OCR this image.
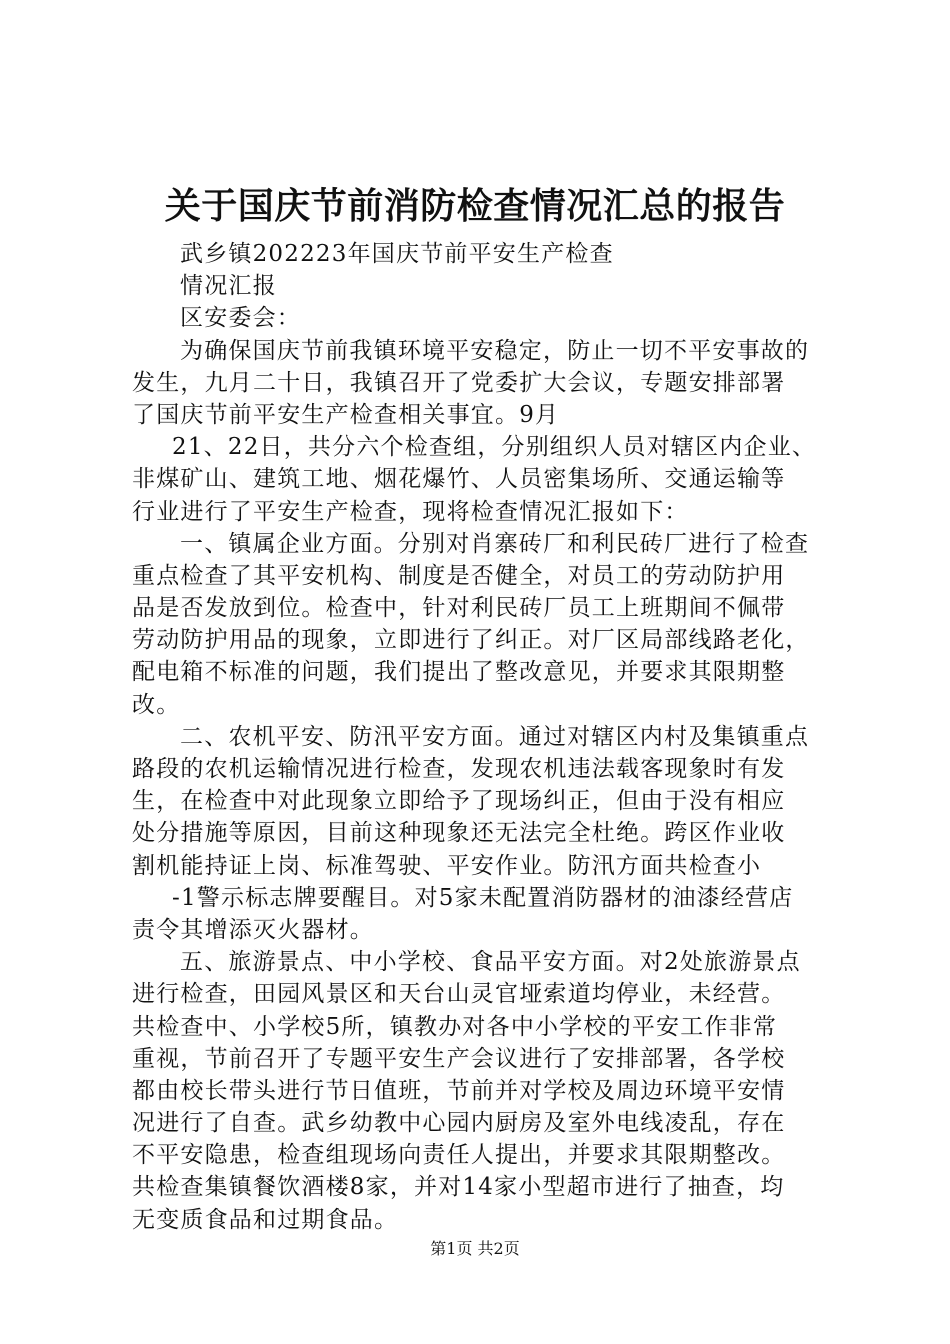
关于国庆节前消防检查情况汇总的报告
武乡镇202223年国庆节前平安生产检查
情况汇报
区安委会：
为确保国庆节前我镇环境平安稳定，防止一切不平安事故的
发生，九月二十日，我镇召开了党委扩大会议，专题安排部署
了国庆节前平安生产检查相关事宜。9月
21、22日，共分六个检查组，分别组织人员对辖区内企业、
非煤矿山、建筑工地、烟花爆竹、人员密集场所、交通运输等
行业进行了平安生产检查，现将检查情况汇报如下：
一、镇属企业方面。分别对肖寨砖厂和利民砖厂进行了检查
重点检查了其平安机构、制度是否健全，对员工的劳动防护用
品是否发放到位。检查中，针对利民砖厂员工上班期间不佩带
劳动防护用品的现象，立即进行了纠正。对厂区局部线路老化，
配电箱不标准的问题，我们提出了整改意见，并要求其限期整
改。
二、农机平安、防汛平安方面。通过对辖区内村及集镇重点
路段的农机运输情况进行检查，发现农机违法载客现象时有发
生，在检查中对此现象立即给予了现场纠正，但由于没有相应
处分措施等原因，目前这种现象还无法完全杜绝。跨区作业收
割机能持证上岗、标准驾驶、平安作业。防汛方面共检查小
-1警示标志牌要醒目。对5家未配置消防器材的油漆经营店
责令其增添灭火器材。
五、旅游景点、中小学校、食品平安方面。对2处旅游景点
进行检查，田园风景区和天台山灵官垭索道均停业，未经营。
共检查中、小学校5所，镇教办对各中小学校的平安工作非常
重视，节前召开了专题平安生产会议进行了安排部署，各学校
都由校长带头进行节日值班，节前并对学校及周边环境平安情
况进行了自查。武乡幼教中心园内厨房及室外电线凌乱，存在
不平安隐患，检查组现场向责任人提出，并要求其限期整改。
共检查集镇餐饮酒楼8家，并对14家小型超市进行了抽查，均
无变质食品和过期食品。
第1页 共2页
